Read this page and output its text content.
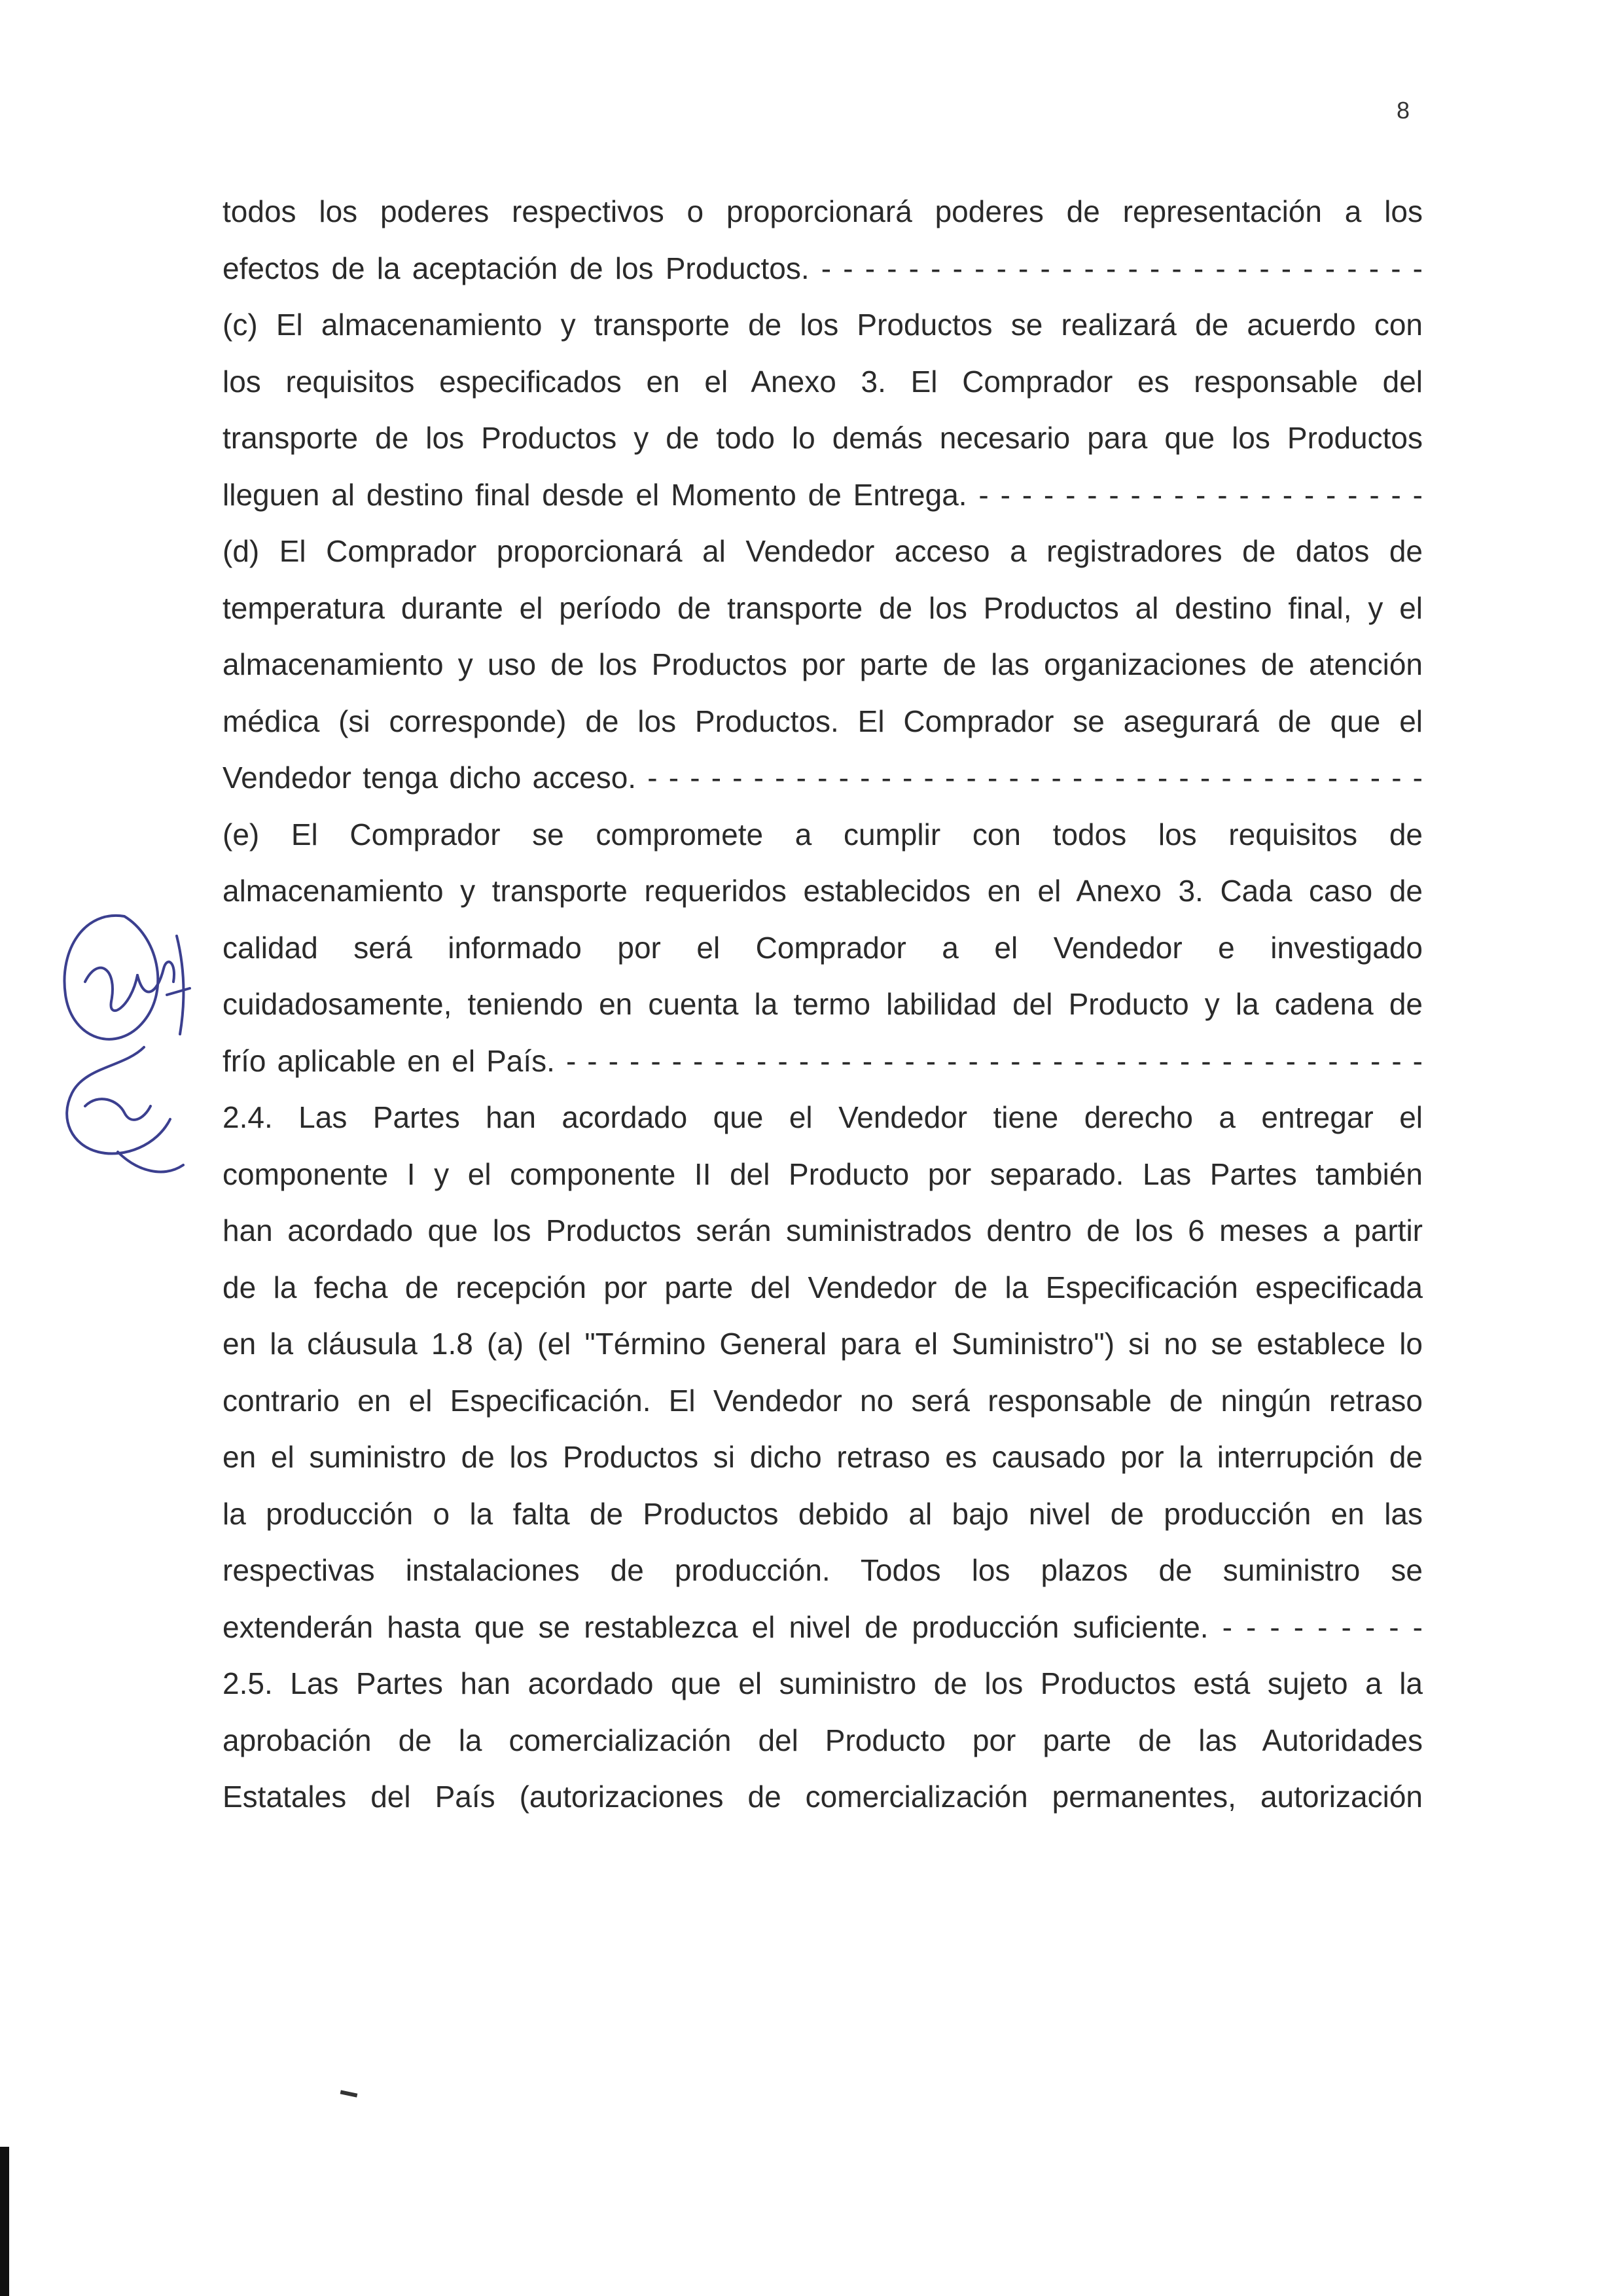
8
todos los poderes respectivos o proporcionará poderes de representación a los
efectos de la aceptación de los Productos. - - - - - - - - - - - - - - - - - - - - - - - - - - - -
(c) El almacenamiento y transporte de los Productos se realizará de acuerdo con
los requisitos especificados en el Anexo 3. El Comprador es responsable del
transporte de los Productos y de todo lo demás necesario para que los Productos
lleguen al destino final desde el Momento de Entrega. - - - - - - - - - - - - - - - - - - - - -
(d) El Comprador proporcionará al Vendedor acceso a registradores de datos de
temperatura durante el período de transporte de los Productos al destino final, y el
almacenamiento y uso de los Productos por parte de las organizaciones de atención
médica (si corresponde) de los Productos. El Comprador se asegurará de que el
Vendedor tenga dicho acceso. - - - - - - - - - - - - - - - - - - - - - - - - - - - - - - - - - - - - -
(e) El Comprador se compromete a cumplir con todos los requisitos de
almacenamiento y transporte requeridos establecidos en el Anexo 3. Cada caso de
calidad será informado por el Comprador a el Vendedor e investigado
cuidadosamente, teniendo en cuenta la termo labilidad del Producto y la cadena de
frío aplicable en el País. - - - - - - - - - - - - - - - - - - - - - - - - - - - - - - - - - - - - - - - - -
2.4. Las Partes han acordado que el Vendedor tiene derecho a entregar el
componente I y el componente II del Producto por separado. Las Partes también
han acordado que los Productos serán suministrados dentro de los 6 meses a partir
de la fecha de recepción por parte del Vendedor de la Especificación especificada
en la cláusula 1.8 (a) (el "Término General para el Suministro") si no se establece lo
contrario en el Especificación. El Vendedor no será responsable de ningún retraso
en el suministro de los Productos si dicho retraso es causado por la interrupción de
la producción o la falta de Productos debido al bajo nivel de producción en las
respectivas instalaciones de producción. Todos los plazos de suministro se
extenderán hasta que se restablezca el nivel de producción suficiente. - - - - - - - - -
2.5. Las Partes han acordado que el suministro de los Productos está sujeto a la
aprobación de la comercialización del Producto por parte de las Autoridades
Estatales del País (autorizaciones de comercialización permanentes, autorización
